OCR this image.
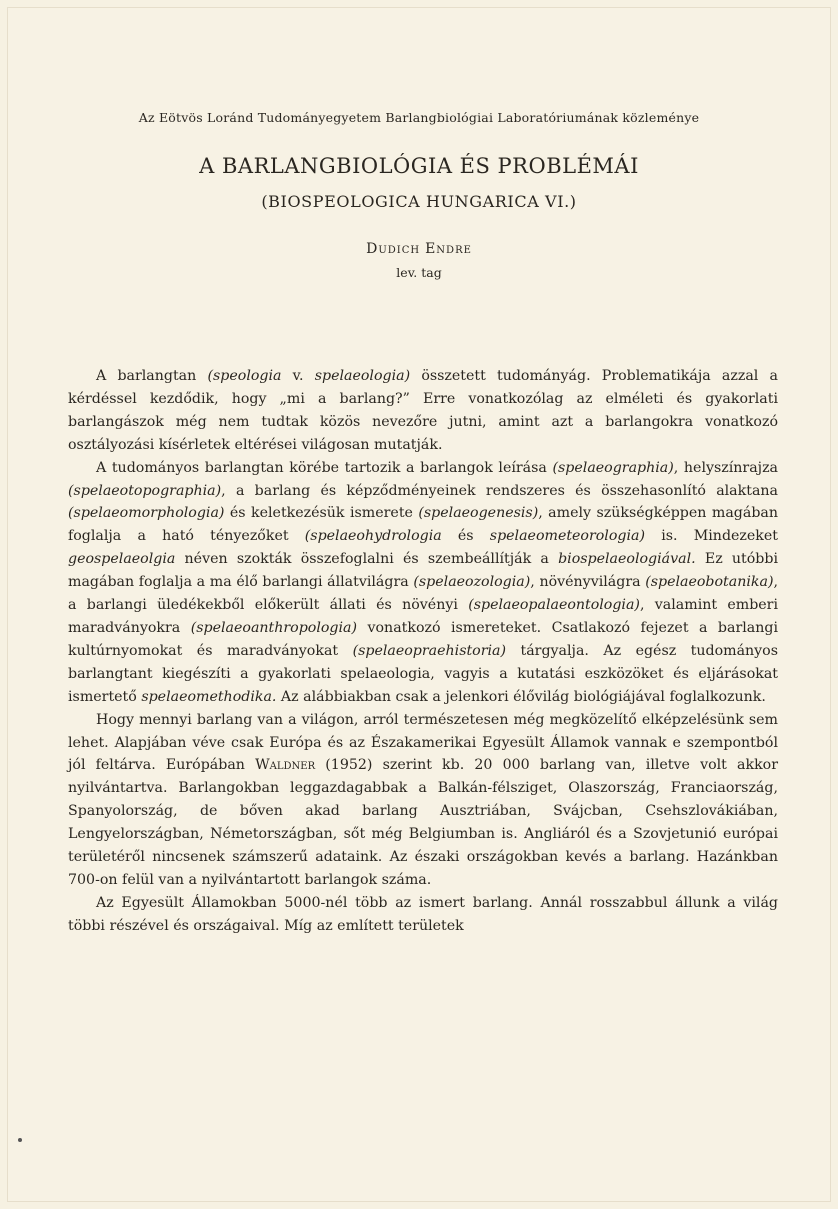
Az Eötvös Loránd Tudományegyetem Barlangbiológiai Laboratóriumának közleménye
A BARLANGBIOLÓGIA ÉS PROBLÉMÁI
(BIOSPEOLOGICA HUNGARICA VI.)
Dudich Endre
lev. tag

A barlangtan (speologia v. spelaeologia) összetett tudományág. Problematikája azzal a kérdéssel kezdődik, hogy „mi a barlang?” Erre vonatkozólag az elméleti és gyakorlati barlangászok még nem tudtak közös nevezőre jutni, amint azt a barlangokra vonatkozó osztályozási kísérletek eltérései világosan mutatják.

A tudományos barlangtan körébe tartozik a barlangok leírása (spelaeographia), helyszínrajza (spelaeotopographia), a barlang és képződményeinek rendszeres és összehasonlító alaktana (spelaeomorphologia) és keletkezésük ismerete (spelaeogenesis), amely szükségképpen magában foglalja a ható tényezőket (spelaeohydrologia és spelaeometeorologia) is. Mindezeket geospelaeolgia néven szokták összefoglalni és szembeállítják a biospelaeologiával. Ez utóbbi magában foglalja a ma élő barlangi állatvilágra (spelaeozologia), növényvilágra (spelaeobotanika), a barlangi üledékekből előkerült állati és növényi (spelaeopalaeontologia), valamint emberi maradványokra (spelaeoanthropologia) vonatkozó ismereteket. Csatlakozó fejezet a barlangi kultúrnyomokat és maradványokat (spelaeopraehistoria) tárgyalja. Az egész tudományos barlangtant kiegészíti a gyakorlati spelaeologia, vagyis a kutatási eszközöket és eljárásokat ismertető spelaeomethodika. Az alábbiakban csak a jelenkori élővilág biológiájával foglalkozunk.

Hogy mennyi barlang van a világon, arról természetesen még megközelítő elképzelésünk sem lehet. Alapjában véve csak Európa és az Északamerikai Egyesült Államok vannak e szempontból jól feltárva. Európában Waldner (1952) szerint kb. 20 000 barlang van, illetve volt akkor nyilvántartva. Barlangokban leggazdagabbak a Balkán-félsziget, Olaszország, Franciaország, Spanyolország, de bőven akad barlang Ausztriában, Svájcban, Csehszlovákiában, Lengyelországban, Németországban, sőt még Belgiumban is. Angliáról és a Szovjetunió európai területéről nincsenek számszerű adataink. Az északi országokban kevés a barlang. Hazánkban 700-on felül van a nyilvántartott barlangok száma.

Az Egyesült Államokban 5000-nél több az ismert barlang. Annál rosszabbul állunk a világ többi részével és országaival. Míg az említett területek
